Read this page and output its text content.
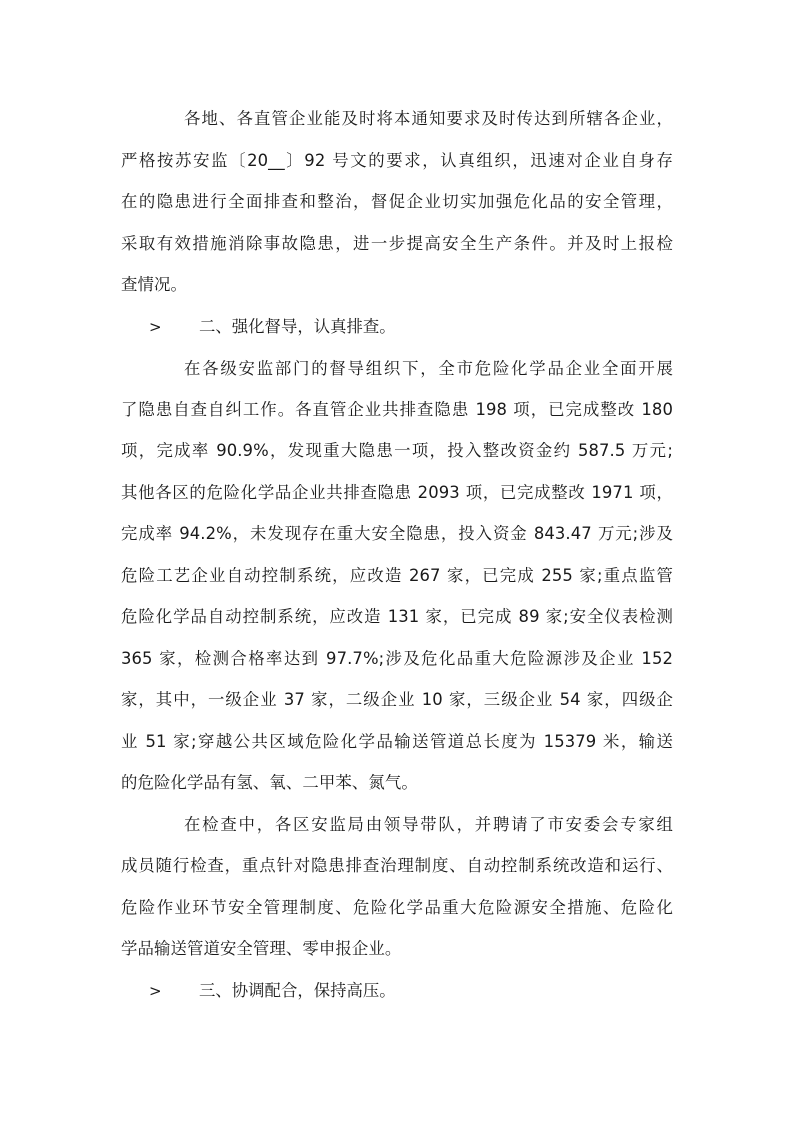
各地、各直管企业能及时将本通知要求及时传达到所辖各企业，
严格按苏安监〔20__〕92 号文的要求，认真组织，迅速对企业自身存
在的隐患进行全面排查和整治，督促企业切实加强危化品的安全管理，
采取有效措施消除事故隐患，进一步提高安全生产条件。并及时上报检
查情况。
>	二、强化督导，认真排查。
在各级安监部门的督导组织下，全市危险化学品企业全面开展
了隐患自查自纠工作。各直管企业共排查隐患 198 项，已完成整改 180
项，完成率 90.9%，发现重大隐患一项，投入整改资金约 587.5 万元;
其他各区的危险化学品企业共排查隐患 2093 项，已完成整改 1971 项，
完成率 94.2%，未发现存在重大安全隐患，投入资金 843.47 万元;涉及
危险工艺企业自动控制系统，应改造 267 家，已完成 255 家;重点监管
危险化学品自动控制系统，应改造 131 家，已完成 89 家;安全仪表检测
365 家，检测合格率达到 97.7%;涉及危化品重大危险源涉及企业 152
家，其中，一级企业 37 家，二级企业 10 家，三级企业 54 家，四级企
业 51 家;穿越公共区域危险化学品输送管道总长度为 15379 米，输送
的危险化学品有氢、氧、二甲苯、氮气。
在检查中，各区安监局由领导带队，并聘请了市安委会专家组
成员随行检查，重点针对隐患排查治理制度、自动控制系统改造和运行、
危险作业环节安全管理制度、危险化学品重大危险源安全措施、危险化
学品输送管道安全管理、零申报企业。
>	三、协调配合，保持高压。
